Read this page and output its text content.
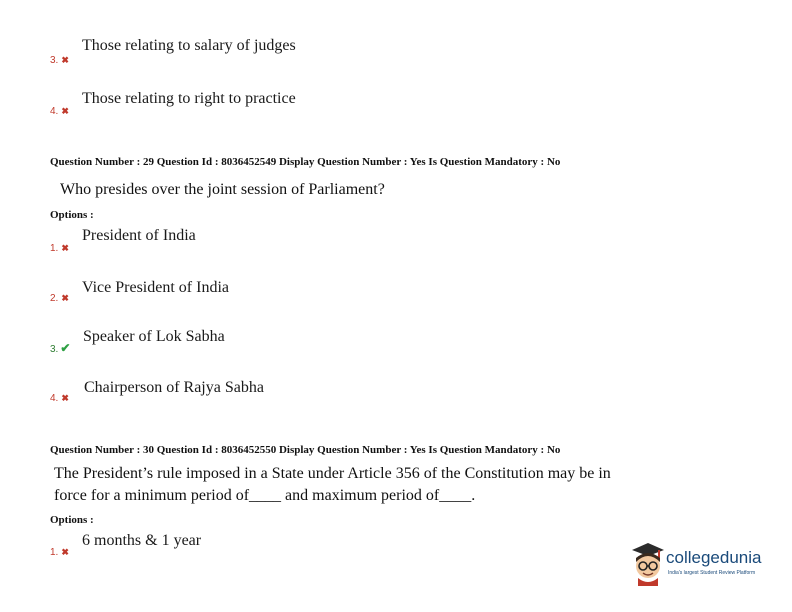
Those relating to salary of judges
3. ✖
Those relating to right to practice
4. ✖
Question Number : 29 Question Id : 8036452549 Display Question Number : Yes Is Question Mandatory : No
Who presides over the joint session of Parliament?
Options :
President of India
1. ✖
Vice President of India
2. ✖
Speaker of Lok Sabha
3. ✔
Chairperson of Rajya Sabha
4. ✖
Question Number : 30 Question Id : 8036452550 Display Question Number : Yes Is Question Mandatory : No
The President’s rule imposed in a State under Article 356 of the Constitution may be in
force for a minimum period of____ and maximum period of____.
Options :
6 months & 1 year
1. ✖	collegedunia
India's largest Student Review Platform
